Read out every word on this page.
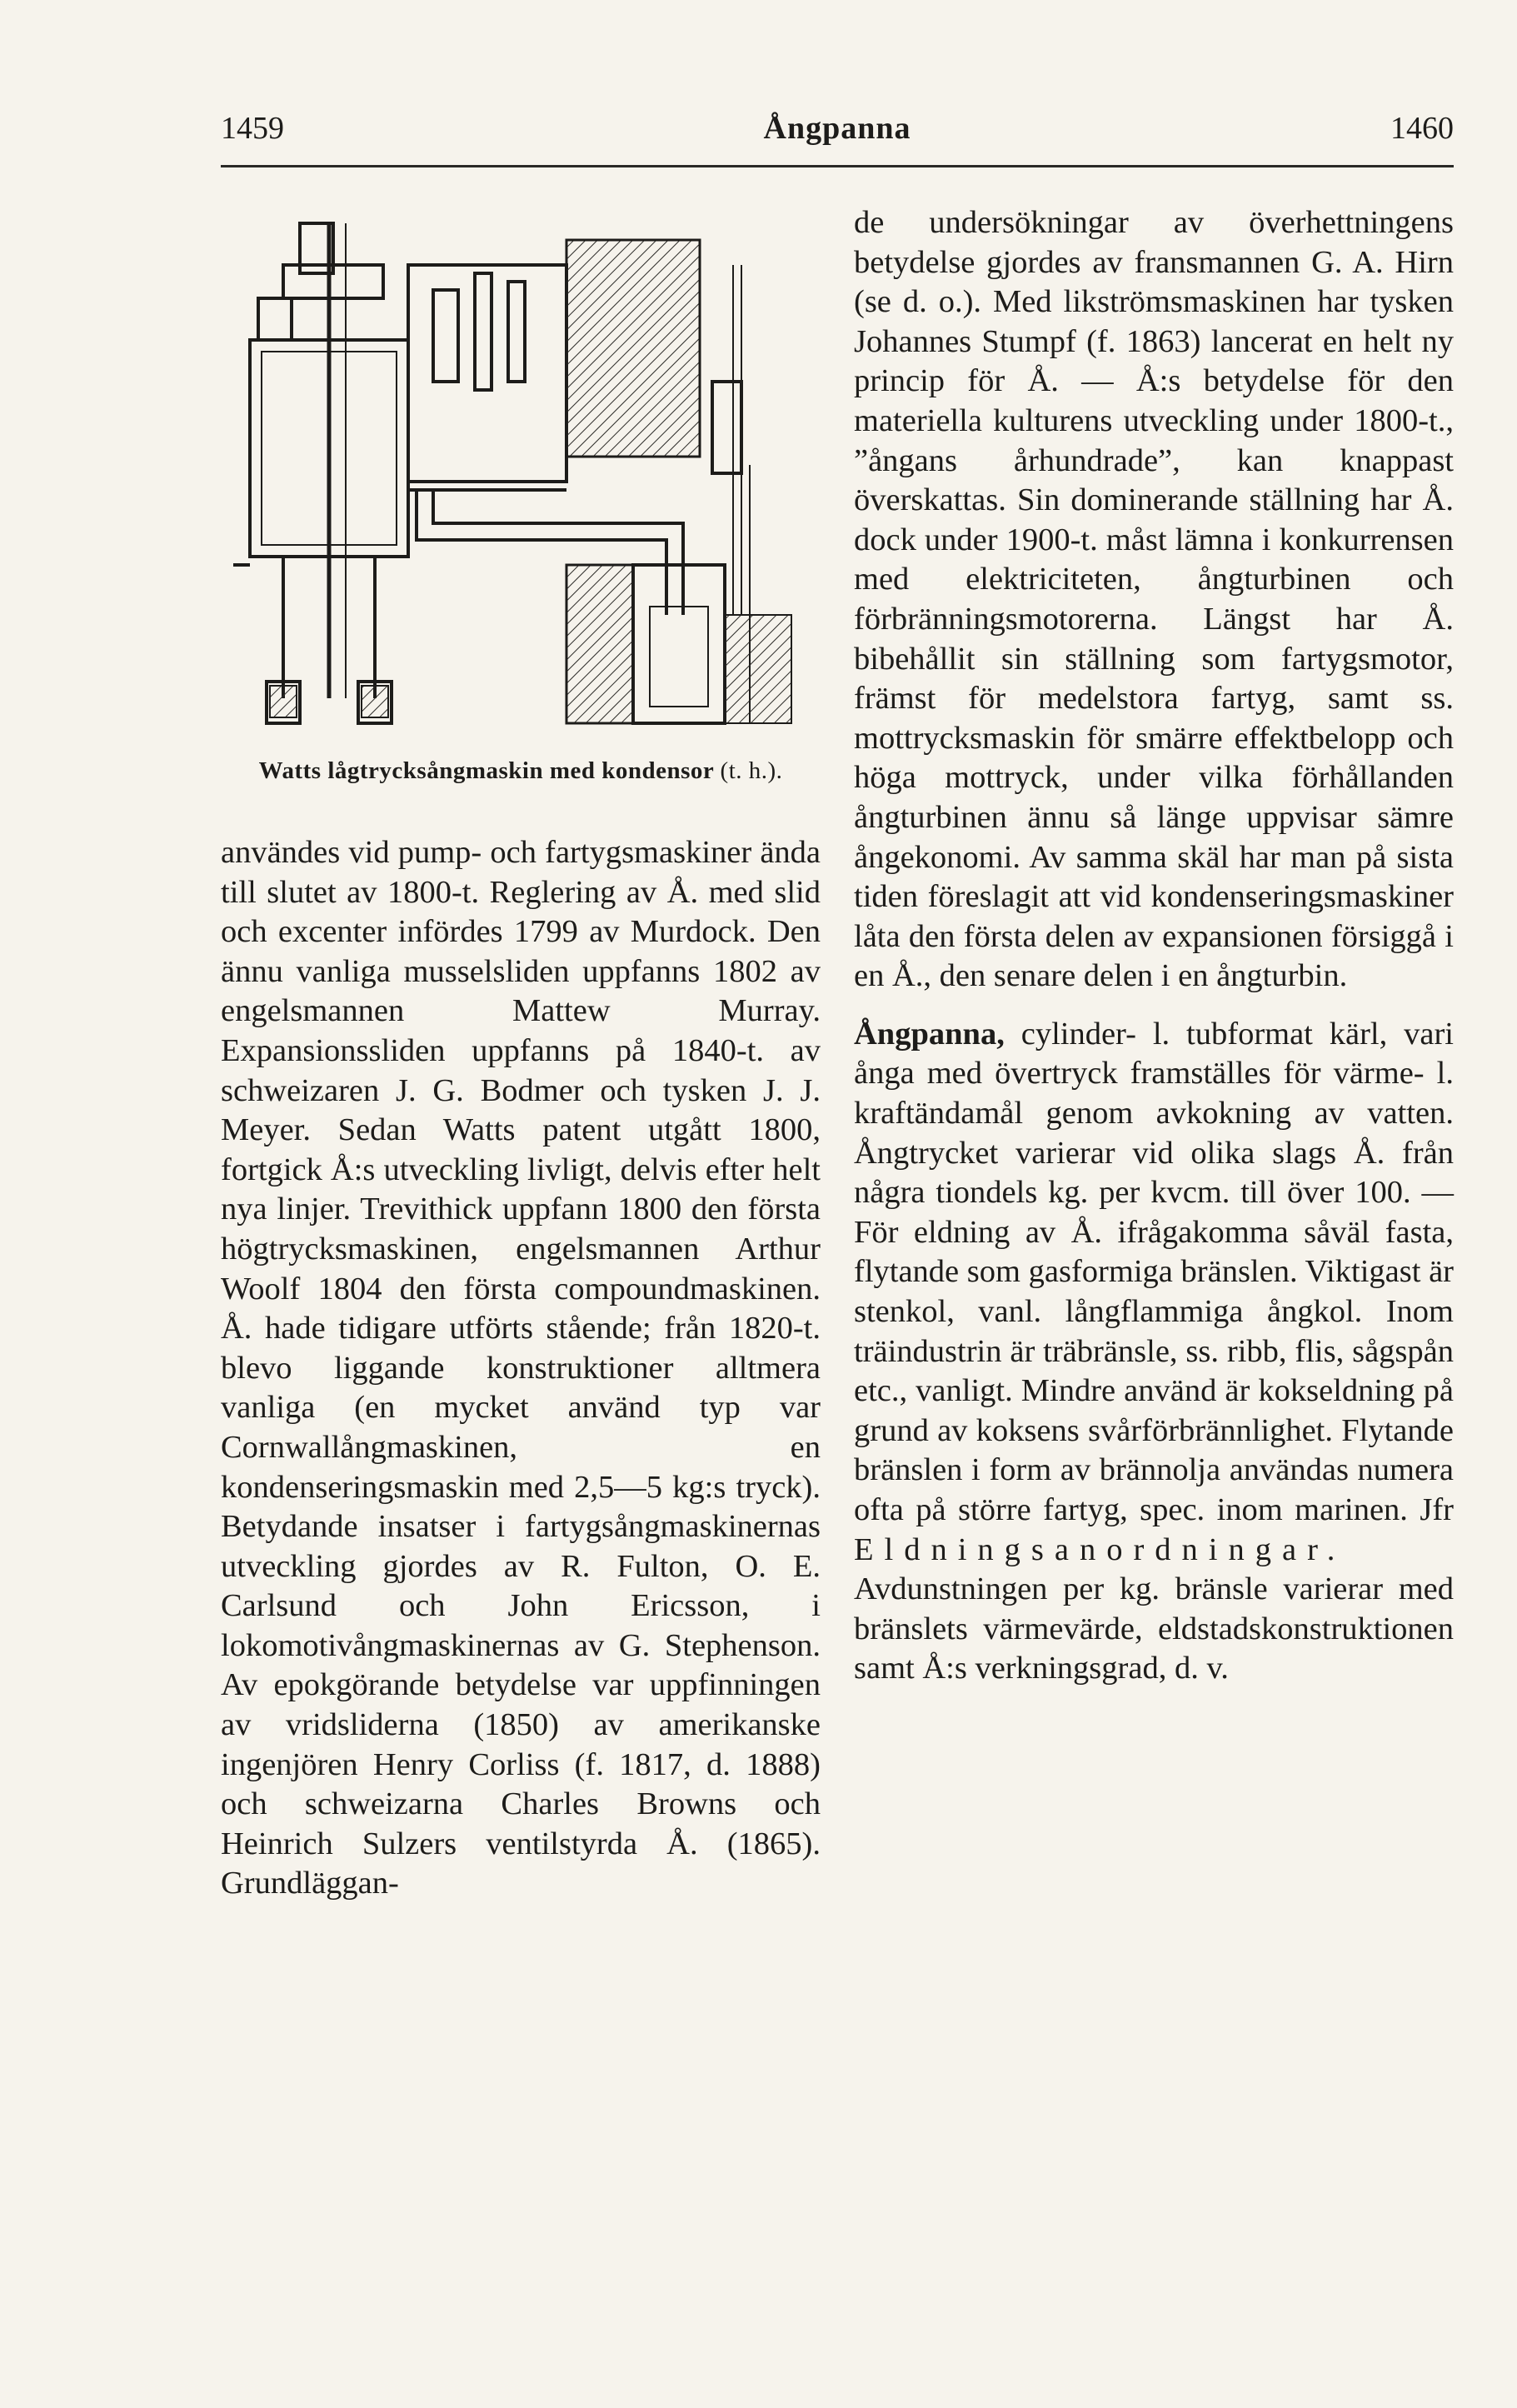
1459	Ångpanna	1460
Watts lågtrycksångmaskin med kondensor (t. h.).

användes vid pump- och fartygsmaskiner ända till slutet av 1800-t. Reglering av Å. med slid och excenter infördes 1799 av Murdock. Den ännu vanliga musselsliden uppfanns 1802 av engelsmannen Mattew Murray. Expansionssliden uppfanns på 1840-t. av schweizaren J. G. Bodmer och tysken J. J. Meyer. Sedan Watts patent utgått 1800, fortgick Å:s utveckling livligt, delvis efter helt nya linjer. Trevithick uppfann 1800 den första högtrycksmaskinen, engelsmannen Arthur Woolf 1804 den första compoundmaskinen. Å. hade tidigare utförts stående; från 1820-t. blevo liggande konstruktioner alltmera vanliga (en mycket använd typ var Cornwallångmaskinen, en kondenseringsmaskin med 2,5—5 kg:s tryck). Betydande insatser i fartygsångmaskinernas utveckling gjordes av R. Fulton, O. E. Carlsund och John Ericsson, i lokomotivångmaskinernas av G. Stephenson. Av epokgörande betydelse var uppfinningen av vridsliderna (1850) av amerikanske ingenjören Henry Corliss (f. 1817, d. 1888) och schweizarna Charles Browns och Heinrich Sulzers ventilstyrda Å. (1865). Grundläggan-

de undersökningar av överhettningens betydelse gjordes av fransmannen G. A. Hirn (se d. o.). Med likströmsmaskinen har tysken Johannes Stumpf (f. 1863) lancerat en helt ny princip för Å. — Å:s betydelse för den materiella kulturens utveckling under 1800-t., ”ångans århundrade”, kan knappast överskattas. Sin dominerande ställning har Å. dock under 1900-t. måst lämna i konkurrensen med elektriciteten, ångturbinen och förbränningsmotorerna. Längst har Å. bibehållit sin ställning som fartygsmotor, främst för medelstora fartyg, samt ss. mottrycksmaskin för smärre effektbelopp och höga mottryck, under vilka förhållanden ångturbinen ännu så länge uppvisar sämre ångekonomi. Av samma skäl har man på sista tiden föreslagit att vid kondenseringsmaskiner låta den första delen av expansionen försiggå i en Å., den senare delen i en ångturbin.

Ångpanna, cylinder- l. tubformat kärl, vari ånga med övertryck framställes för värme- l. kraftändamål genom avkokning av vatten. Ångtrycket varierar vid olika slags Å. från några tiondels kg. per kvcm. till över 100. — För eldning av Å. ifrågakomma såväl fasta, flytande som gasformiga bränslen. Viktigast är stenkol, vanl. långflammiga ångkol. Inom träindustrin är träbränsle, ss. ribb, flis, sågspån etc., vanligt. Mindre använd är kokseldning på grund av koksens svårförbrännlighet. Flytande bränslen i form av brännolja användas numera ofta på större fartyg, spec. inom marinen. Jfr Eldningsanordningar. Avdunstningen per kg. bränsle varierar med bränslets värmevärde, eldstadskonstruktionen samt Å:s verkningsgrad, d. v.
